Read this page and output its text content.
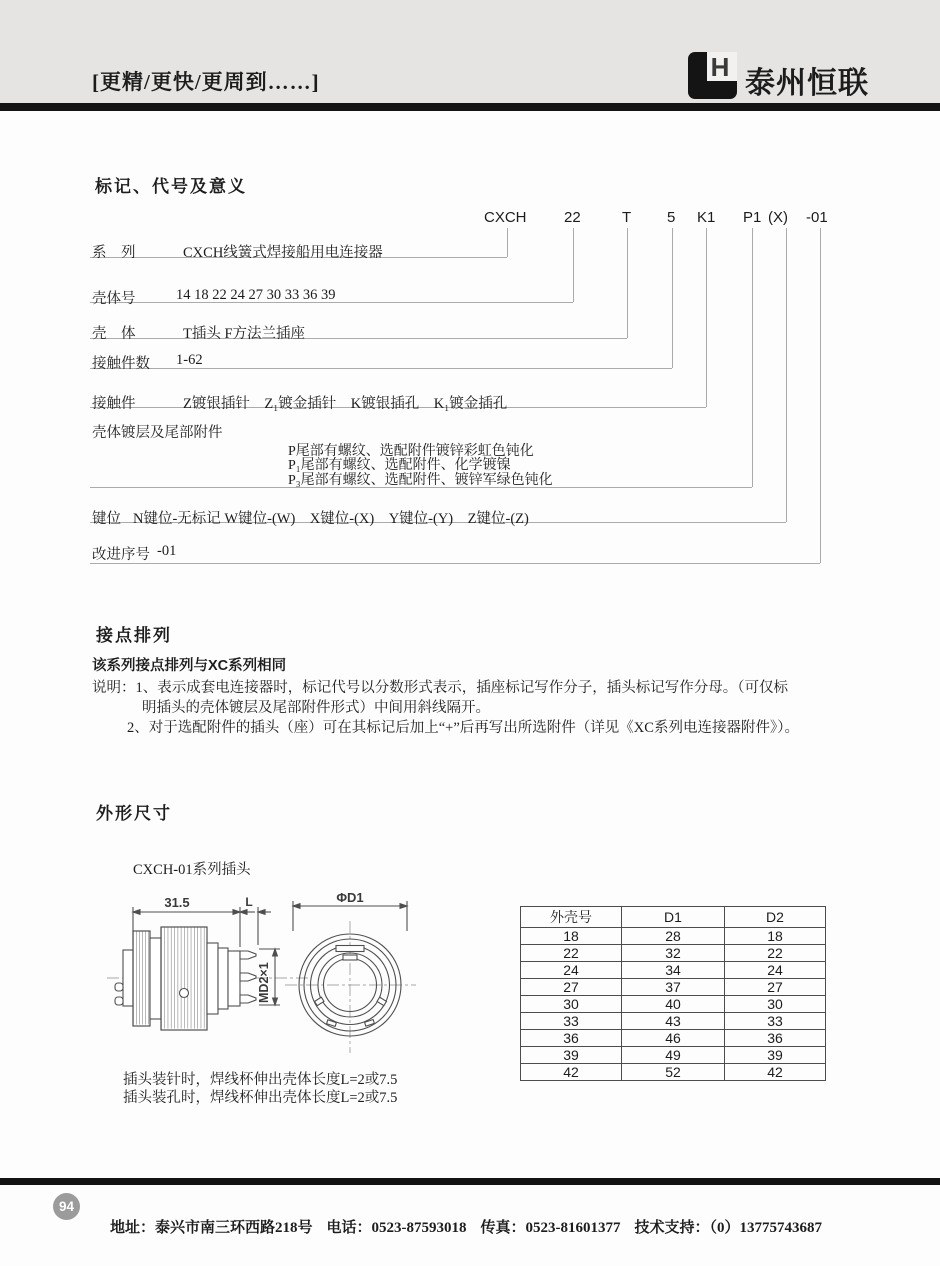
[更精/更快/更周到……]	H 泰州恒联
标记、代号及意义
CXCH 22	T 5 K1 P1 (X) -01
系　列	CXCH线簧式焊接船用电连接器
壳体号	14 18 22 24 27 30 33 36 39
壳　体	T插头 F方法兰插座
接触件数 1-62
接触件	Z镀银插针　Z₁镀金插针　K镀银插孔　K₁镀金插孔
壳体镀层及尾部附件
P尾部有螺纹、选配附件镀锌彩虹色钝化
P₁尾部有螺纹、选配附件、化学镀镍
P₃尾部有螺纹、选配附件、镀锌军绿色钝化
键位 N键位-无标记 W键位-(W)　X键位-(X)　Y键位-(Y)　Z键位-(Z)
改进序号 -01
接点排列
该系列接点排列与XC系列相同
说明：1、表示成套电连接器时，标记代号以分数形式表示，插座标记写作分子，插头标记写作分母。（可仅标
明插头的壳体镀层及尾部附件形式）中间用斜线隔开。
2、对于选配附件的插头（座）可在其标记后加上“+”后再写出所选附件（详见《XC系列电连接器附件》）。
外形尺寸
CXCH-01系列插头
31.5	L
MD2×1
ΦD1
外壳号	D1	D2
18	28	18
22	32	22
24	34	24
27	37	27
30	40	30
33	43	33
36	46	36
39	49	39
42	52	42
插头装针时，焊线杯伸出壳体长度L=2或7.5
插头装孔时，焊线杯伸出壳体长度L=2或7.5
94

地址：泰兴市南三环西路218号 电话：0523-87593018 传真：0523-81601377 技术支持：（0）13775743687
